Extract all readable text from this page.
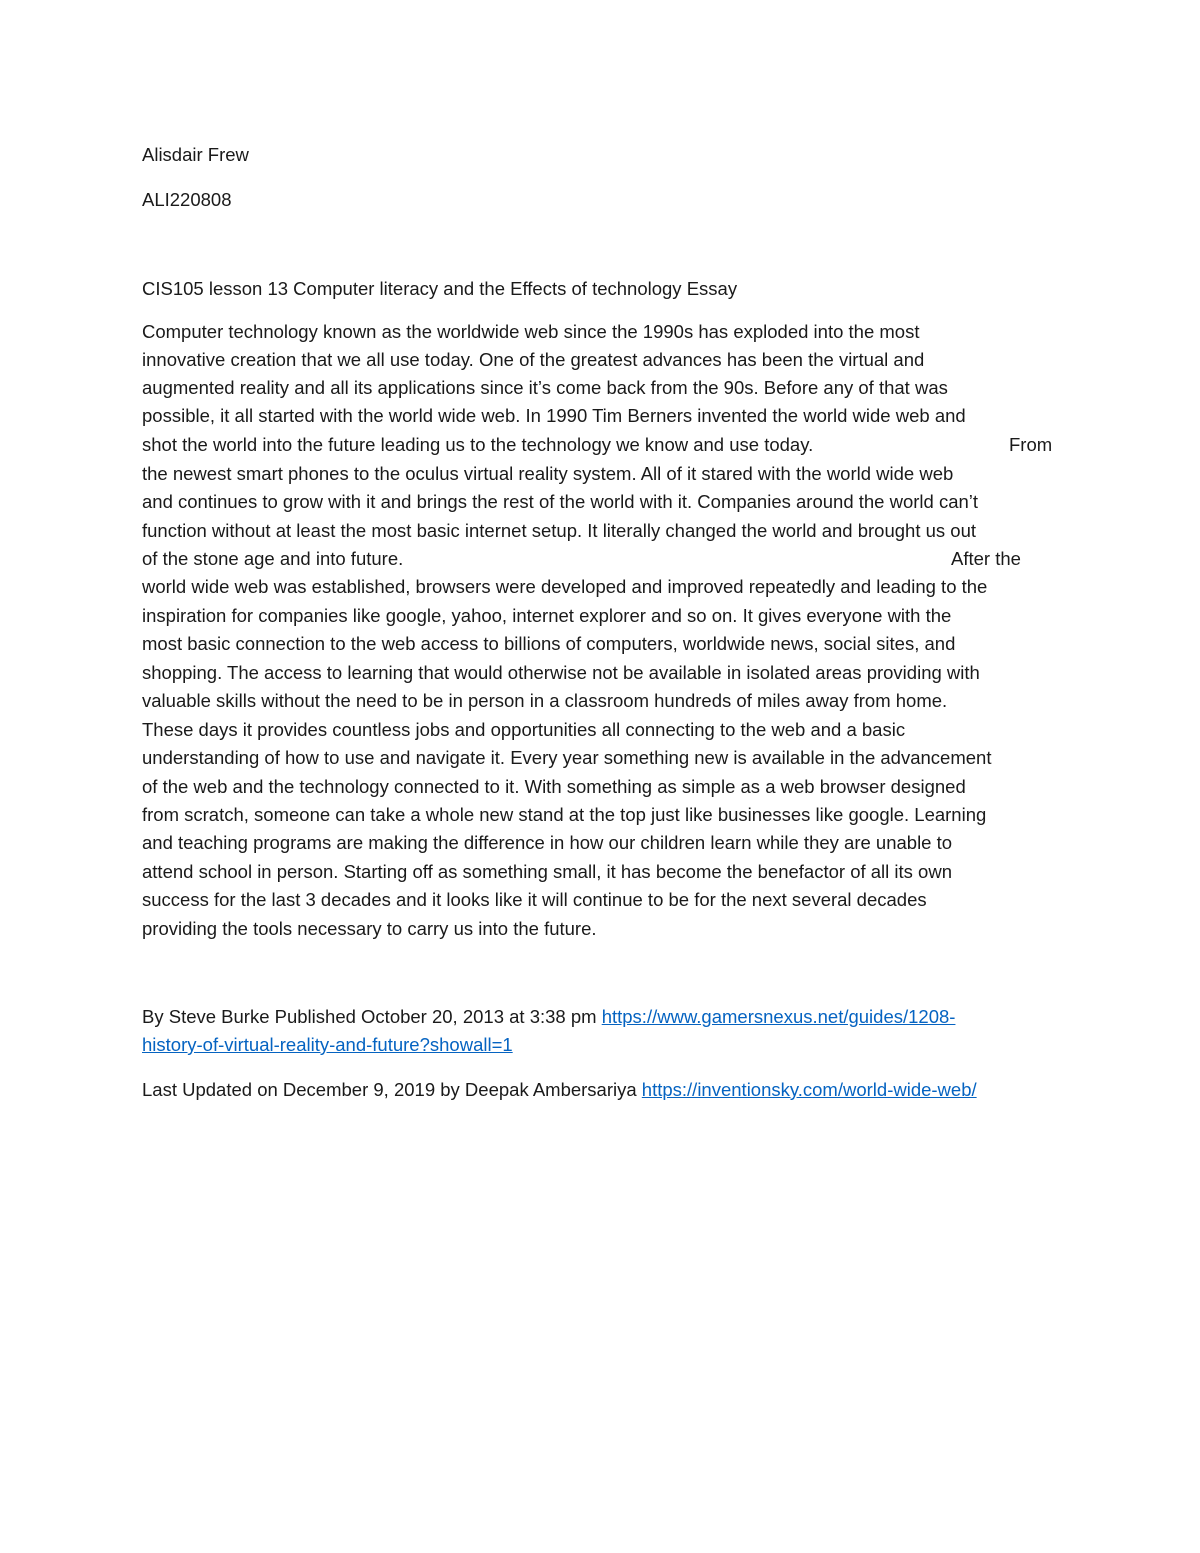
Alisdair Frew

ALI220808

CIS105 lesson 13 Computer literacy and the Effects of technology Essay

Computer technology known as the worldwide web since the 1990s has exploded into the most

innovative creation that we all use today. One of the greatest advances has been the virtual and

augmented reality and all its applications since it’s come back from the 90s. Before any of that was

possible, it all started with the world wide web. In 1990 Tim Berners invented the world wide web and

shot the world into the future leading us to the technology we know and use today.	From

the newest smart phones to the oculus virtual reality system. All of it stared with the world wide web

and continues to grow with it and brings the rest of the world with it. Companies around the world can’t

function without at least the most basic internet setup. It literally changed the world and brought us out

of the stone age and into future.	After the

world wide web was established, browsers were developed and improved repeatedly and leading to the

inspiration for companies like google, yahoo, internet explorer and so on. It gives everyone with the

most basic connection to the web access to billions of computers, worldwide news, social sites, and

shopping. The access to learning that would otherwise not be available in isolated areas providing with

valuable skills without the need to be in person in a classroom hundreds of miles away from home.

These days it provides countless jobs and opportunities all connecting to the web and a basic

understanding of how to use and navigate it. Every year something new is available in the advancement

of the web and the technology connected to it. With something as simple as a web browser designed

from scratch, someone can take a whole new stand at the top just like businesses like google. Learning

and teaching programs are making the difference in how our children learn while they are unable to

attend school in person. Starting off as something small, it has become the benefactor of all its own

success for the last 3 decades and it looks like it will continue to be for the next several decades

providing the tools necessary to carry us into the future.

By Steve Burke Published October 20, 2013 at 3:38 pm https://www.gamersnexus.net/guides/1208-

history-of-virtual-reality-and-future?showall=1

Last Updated on December 9, 2019 by Deepak Ambersariya https://inventionsky.com/world-wide-web/
